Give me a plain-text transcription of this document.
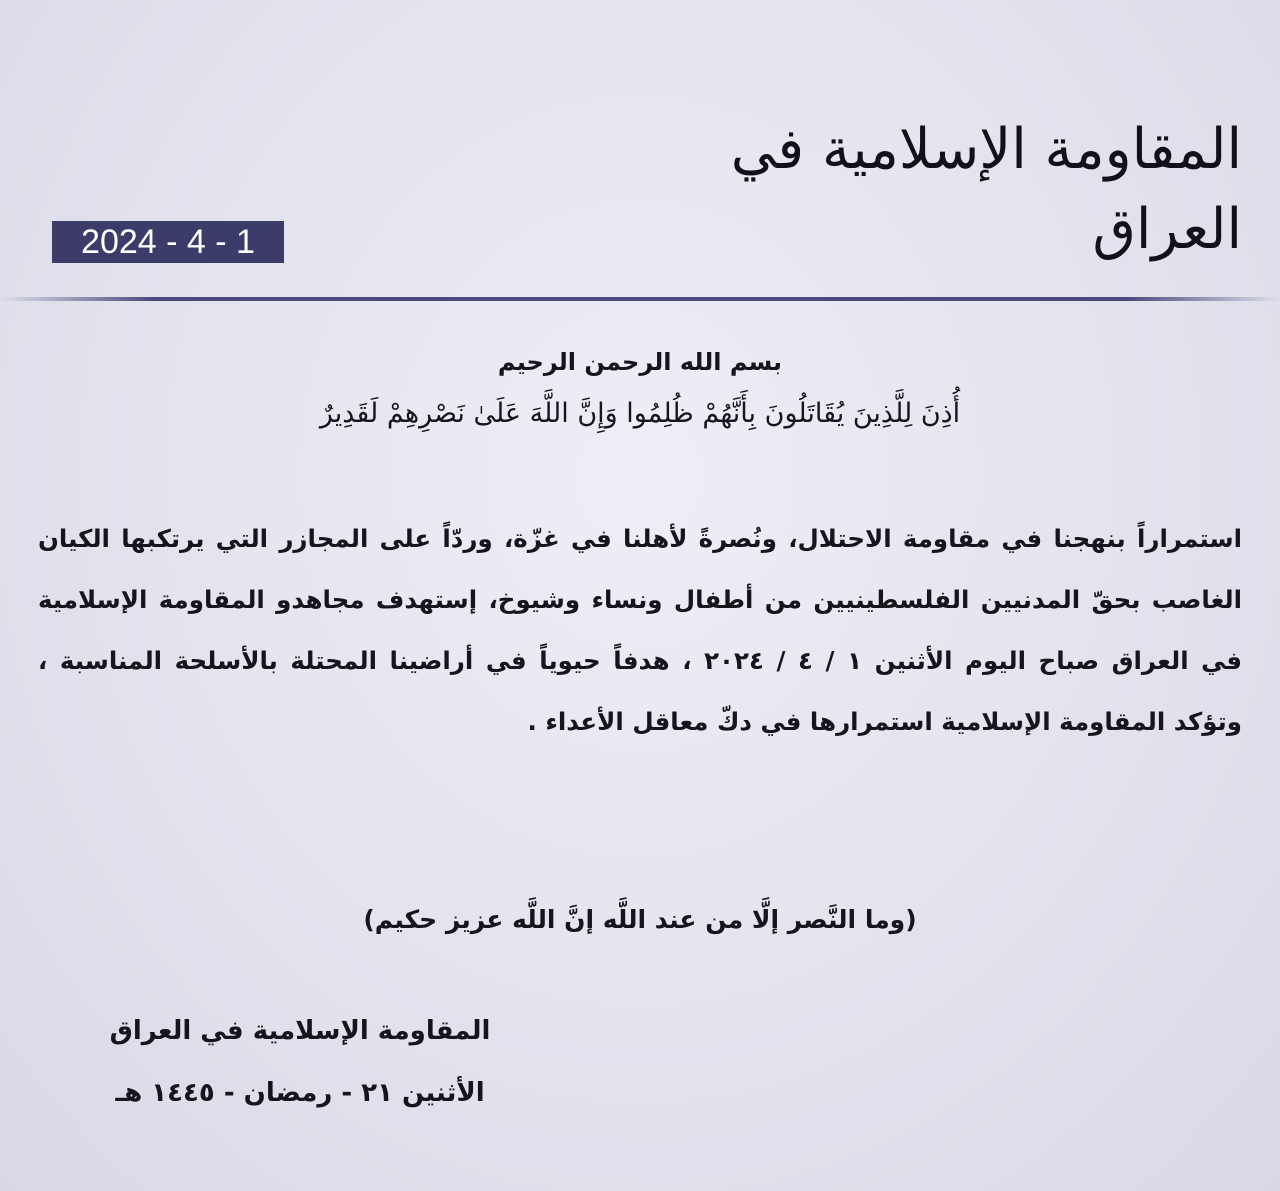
المقاومة الإسلامية في العراق
2024 - 4 - 1
بسم الله الرحمن الرحيم
أُذِنَ لِلَّذِينَ يُقَاتَلُونَ بِأَنَّهُمْ ظُلِمُوا وَإِنَّ اللَّهَ عَلَىٰ نَصْرِهِمْ لَقَدِيرٌ
استمراراً بنهجنا في مقاومة الاحتلال، ونُصرةً لأهلنا في غزّة، وردّاً على المجازر التي يرتكبها الكيان الغاصب بحقّ المدنيين الفلسطينيين من أطفال ونساء وشيوخ، إستهدف مجاهدو المقاومة الإسلامية في العراق صباح اليوم الأثنين ١ / ٤ / ٢٠٢٤ ، هدفاً حيوياً في أراضينا المحتلة بالأسلحة المناسبة ، وتؤكد المقاومة الإسلامية استمرارها في دكّ معاقل الأعداء .
(وما النَّصر إلَّا من عند اللَّه إنَّ اللَّه عزيز حكيم)
المقاومة الإسلامية في العراق
الأثنين ٢١ - رمضان - ١٤٤٥ هـ
